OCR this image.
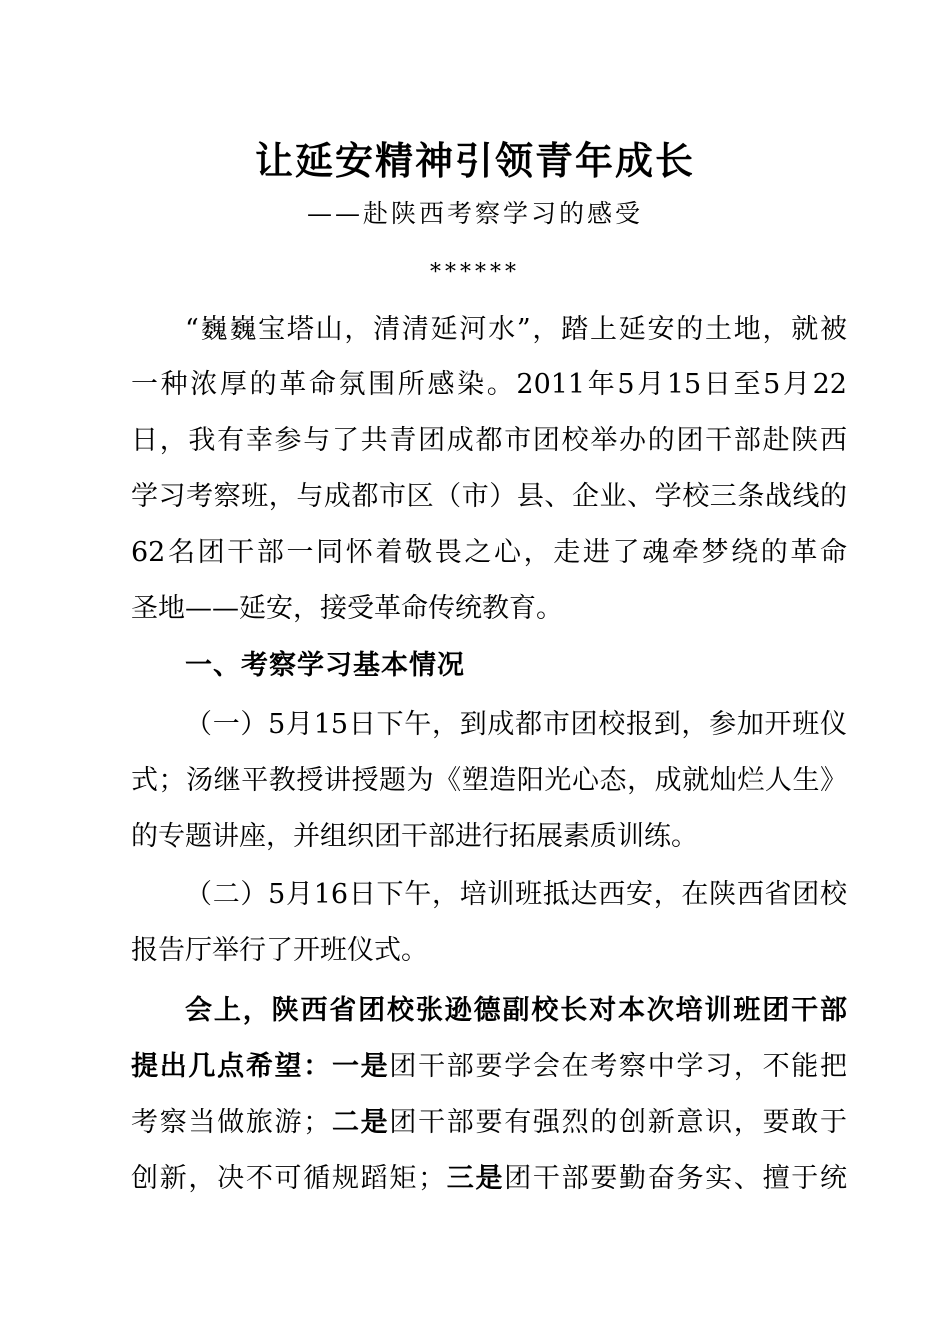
让延安精神引领青年成长
——赴陕西考察学习的感受
******
“巍巍宝塔山，清清延河水”，踏上延安的土地，就被
一种浓厚的革命氛围所感染。2011年5月15日至5月22
日，我有幸参与了共青团成都市团校举办的团干部赴陕西
学习考察班，与成都市区（市）县、企业、学校三条战线的
62名团干部一同怀着敬畏之心，走进了魂牵梦绕的革命
圣地——延安，接受革命传统教育。
一、考察学习基本情况
（一）5月15日下午，到成都市团校报到，参加开班仪
式；汤继平教授讲授题为《塑造阳光心态，成就灿烂人生》
的专题讲座，并组织团干部进行拓展素质训练。
（二）5月16日下午，培训班抵达西安，在陕西省团校
报告厅举行了开班仪式。
会上，陕西省团校张逊德副校长对本次培训班团干部
提出几点希望：一是团干部要学会在考察中学习，不能把
考察当做旅游；二是团干部要有强烈的创新意识，要敢于
创新，决不可循规蹈矩；三是团干部要勤奋务实、擅于统
